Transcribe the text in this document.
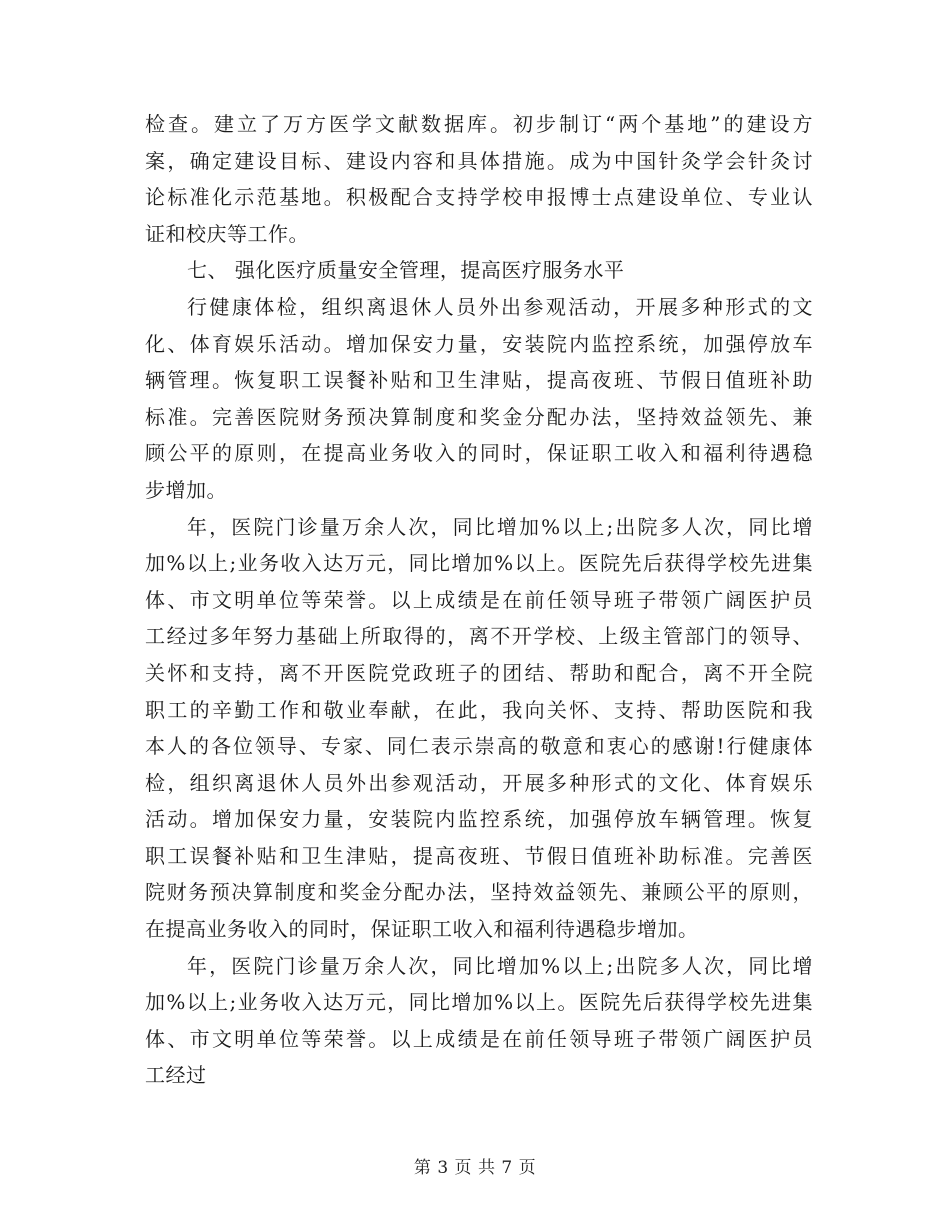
检查。建立了万方医学文献数据库。初步制订“两个基地”的建设方
案，确定建设目标、建设内容和具体措施。成为中国针灸学会针灸讨
论标准化示范基地。积极配合支持学校申报博士点建设单位、专业认
证和校庆等工作。
七、 强化医疗质量安全管理，提高医疗服务水平
行健康体检，组织离退休人员外出参观活动，开展多种形式的文
化、体育娱乐活动。增加保安力量，安装院内监控系统，加强停放车
辆管理。恢复职工误餐补贴和卫生津贴，提高夜班、节假日值班补助
标准。完善医院财务预决算制度和奖金分配办法，坚持效益领先、兼
顾公平的原则，在提高业务收入的同时，保证职工收入和福利待遇稳
步增加。
年，医院门诊量万余人次，同比增加%以上;出院多人次，同比增
加%以上;业务收入达万元，同比增加%以上。医院先后获得学校先进集
体、市文明单位等荣誉。以上成绩是在前任领导班子带领广阔医护员
工经过多年努力基础上所取得的，离不开学校、上级主管部门的领导、
关怀和支持，离不开医院党政班子的团结、帮助和配合，离不开全院
职工的辛勤工作和敬业奉献，在此，我向关怀、支持、帮助医院和我
本人的各位领导、专家、同仁表示崇高的敬意和衷心的感谢!行健康体
检，组织离退休人员外出参观活动，开展多种形式的文化、体育娱乐
活动。增加保安力量，安装院内监控系统，加强停放车辆管理。恢复
职工误餐补贴和卫生津贴，提高夜班、节假日值班补助标准。完善医
院财务预决算制度和奖金分配办法，坚持效益领先、兼顾公平的原则，
在提高业务收入的同时，保证职工收入和福利待遇稳步增加。
年，医院门诊量万余人次，同比增加%以上;出院多人次，同比增
加%以上;业务收入达万元，同比增加%以上。医院先后获得学校先进集
体、市文明单位等荣誉。以上成绩是在前任领导班子带领广阔医护员
工经过
第 3 页 共 7 页
